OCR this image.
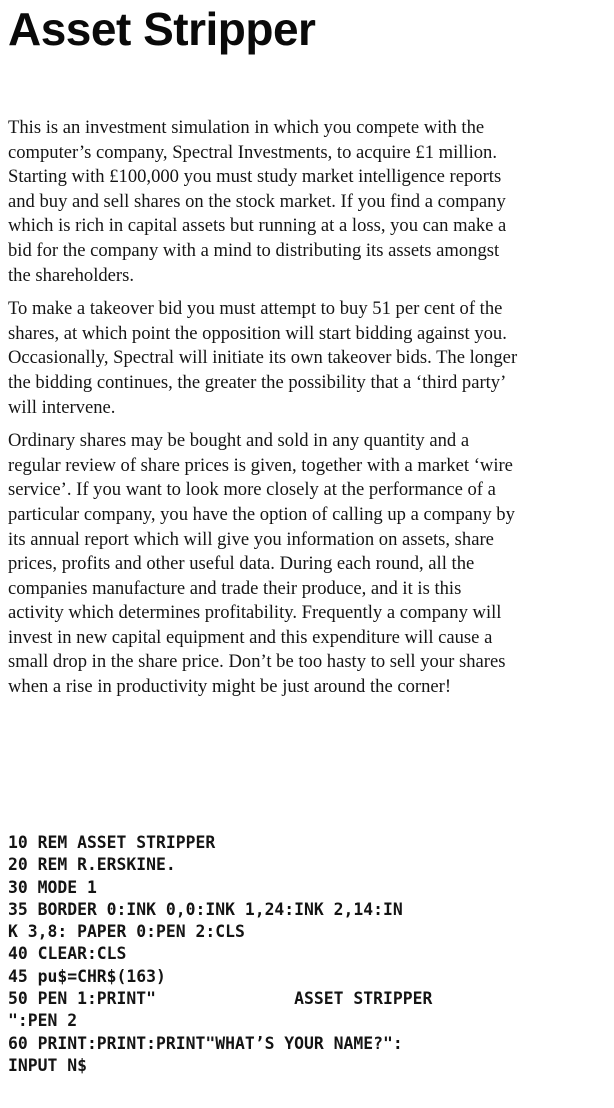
Asset Stripper

This is an investment simulation in which you compete with the
computer’s company, Spectral Investments, to acquire £1 million.
Starting with £100,000 you must study market intelligence reports
and buy and sell shares on the stock market. If you find a company
which is rich in capital assets but running at a loss, you can make a
bid for the company with a mind to distributing its assets amongst
the shareholders.

To make a takeover bid you must attempt to buy 51 per cent of the
shares, at which point the opposition will start bidding against you.
Occasionally, Spectral will initiate its own takeover bids. The longer
the bidding continues, the greater the possibility that a ‘third party’
will intervene.

Ordinary shares may be bought and sold in any quantity and a
regular review of share prices is given, together with a market ‘wire
service’. If you want to look more closely at the performance of a
particular company, you have the option of calling up a company by
its annual report which will give you information on assets, share
prices, profits and other useful data. During each round, all the
companies manufacture and trade their produce, and it is this
activity which determines profitability. Frequently a company will
invest in new capital equipment and this expenditure will cause a
small drop in the share price. Don’t be too hasty to sell your shares
when a rise in productivity might be just around the corner!

10 REM ASSET STRIPPER
20 REM R.ERSKINE.
30 MODE 1
35 BORDER 0:INK 0,0:INK 1,24:INK 2,14:IN
K 3,8: PAPER 0:PEN 2:CLS
40 CLEAR:CLS
45 pu$=CHR$(163)
50 PEN 1:PRINT"              ASSET STRIPPER
":PEN 2
60 PRINT:PRINT:PRINT"WHAT’S YOUR NAME?":
INPUT N$
